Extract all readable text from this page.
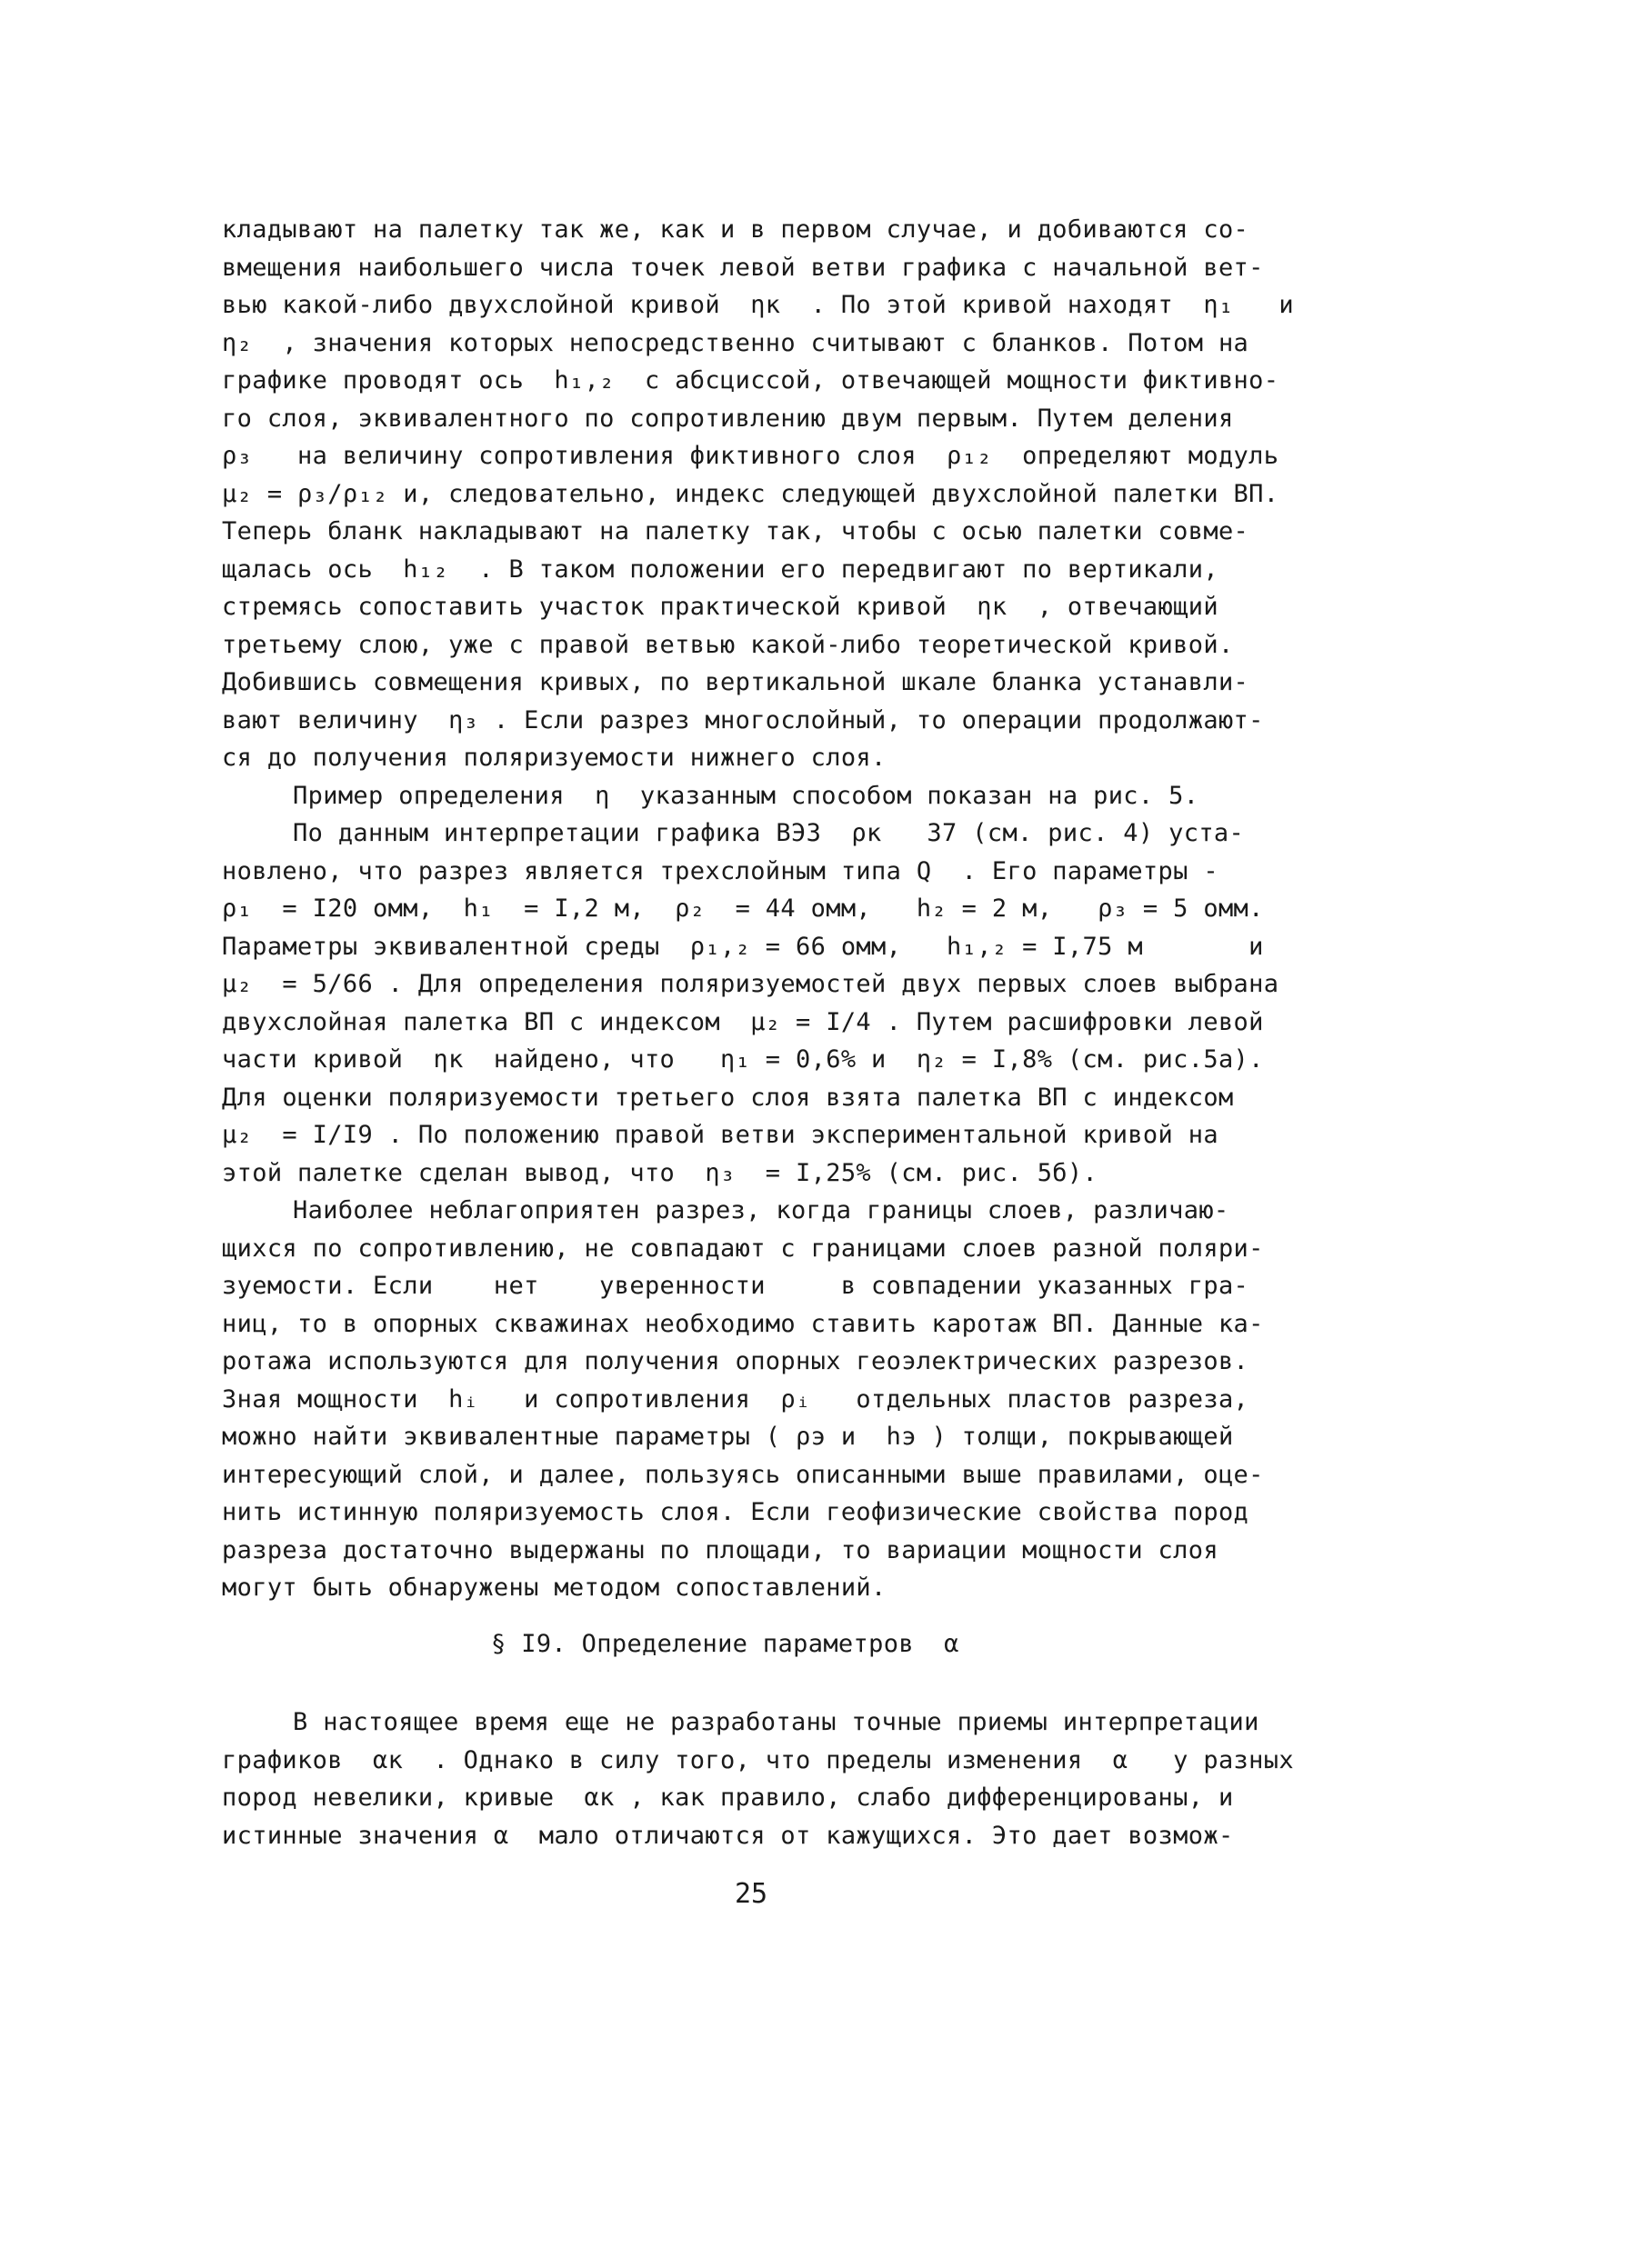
кладывают на палетку так же, как и в первом случае, и добиваются со-
вмещения наибольшего числа точек левой ветви графика с начальной вет-
вью какой-либо двухслойной кривой  ηк  . По этой кривой находят  η₁   и
η₂  , значения которых непосредственно считывают с бланков. Потом на
графике проводят ось  h₁,₂  с абсциссой, отвечающей мощности фиктивно-
го слоя, эквивалентного по сопротивлению двум первым. Путем деления
ρ₃   на величину сопротивления фиктивного слоя  ρ₁₂  определяют модуль
μ₂ = ρ₃/ρ₁₂ и, следовательно, индекс следующей двухслойной палетки ВП.
Теперь бланк накладывают на палетку так, чтобы с осью палетки совме-
щалась ось  h₁₂  . В таком положении его передвигают по вертикали,
стремясь сопоставить участок практической кривой  ηк  , отвечающий
третьему слою, уже с правой ветвью какой-либо теоретической кривой.
Добившись совмещения кривых, по вертикальной шкале бланка устанавли-
вают величину  η₃ . Если разрез многослойный, то операции продолжают-
ся до получения поляризуемости нижнего слоя.
Пример определения  η  указанным способом показан на рис. 5.
По данным интерпретации графика ВЭЗ  ρк   37 (см. рис. 4) уста-
новлено, что разрез является трехслойным типа Q  . Его параметры -
ρ₁  = I20 омм,  h₁  = I,2 м,  ρ₂  = 44 омм,   h₂ = 2 м,   ρ₃ = 5 омм.
Параметры эквивалентной среды  ρ₁,₂ = 66 омм,   h₁,₂ = I,75 м       и
μ₂  = 5/66 . Для определения поляризуемостей двух первых слоев выбрана
двухслойная палетка ВП с индексом  μ₂ = I/4 . Путем расшифровки левой
части кривой  ηк  найдено, что   η₁ = 0,6% и  η₂ = I,8% (см. рис.5а).
Для оценки поляризуемости третьего слоя взята палетка ВП с индексом
μ₂  = I/I9 . По положению правой ветви экспериментальной кривой на
этой палетке сделан вывод, что  η₃  = I,25% (см. рис. 5б).
Наиболее неблагоприятен разрез, когда границы слоев, различаю-
щихся по сопротивлению, не совпадают с границами слоев разной поляри-
зуемости. Если    нет    уверенности     в совпадении указанных гра-
ниц, то в опорных скважинах необходимо ставить каротаж ВП. Данные ка-
ротажа используются для получения опорных геоэлектрических разрезов.
Зная мощности  hᵢ   и сопротивления  ρᵢ   отдельных пластов разреза,
можно найти эквивалентные параметры ( ρэ и  hэ ) толщи, покрывающей
интересующий слой, и далее, пользуясь описанными выше правилами, оце-
нить истинную поляризуемость слоя. Если геофизические свойства пород
разреза достаточно выдержаны по площади, то вариации мощности слоя
могут быть обнаружены методом сопоставлений.
§ I9. Определение параметров  α
В настоящее время еще не разработаны точные приемы интерпретации
графиков  αк  . Однако в силу того, что пределы изменения  α   у разных
пород невелики, кривые  αк , как правило, слабо дифференцированы, и
истинные значения α  мало отличаются от кажущихся. Это дает возмож-
25
